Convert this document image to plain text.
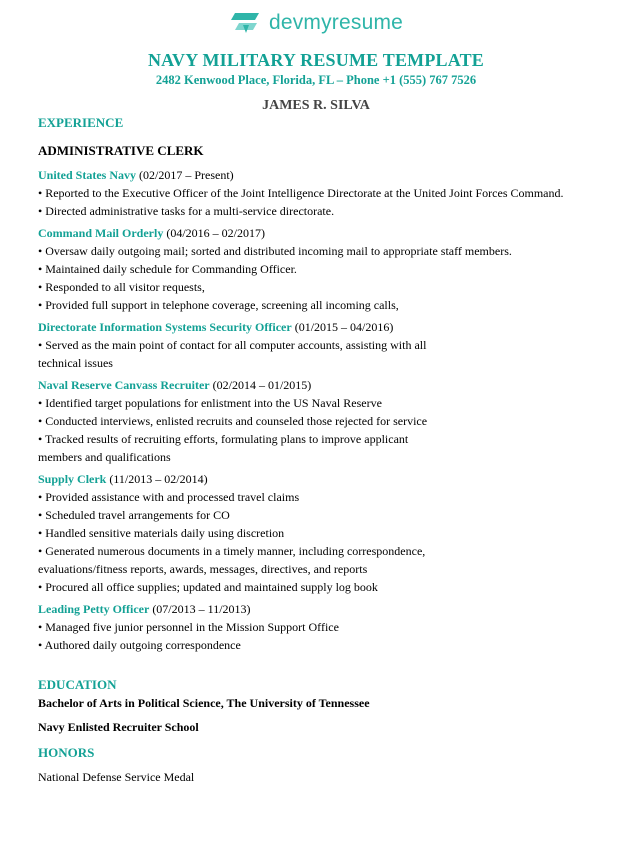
devmyresume
NAVY MILITARY RESUME TEMPLATE
2482 Kenwood Place, Florida, FL – Phone +1 (555) 767 7526
JAMES R. SILVA
EXPERIENCE
ADMINISTRATIVE CLERK
United States Navy (02/2017 – Present)
• Reported to the Executive Officer of the Joint Intelligence Directorate at the United Joint Forces Command.
• Directed administrative tasks for a multi-service directorate.
Command Mail Orderly (04/2016 – 02/2017)
• Oversaw daily outgoing mail; sorted and distributed incoming mail to appropriate staff members.
• Maintained daily schedule for Commanding Officer.
• Responded to all visitor requests,
• Provided full support in telephone coverage, screening all incoming calls,
Directorate Information Systems Security Officer (01/2015 – 04/2016)
• Served as the main point of contact for all computer accounts, assisting with all technical issues
Naval Reserve Canvass Recruiter (02/2014 – 01/2015)
• Identified target populations for enlistment into the US Naval Reserve
• Conducted interviews, enlisted recruits and counseled those rejected for service
• Tracked results of recruiting efforts, formulating plans to improve applicant members and qualifications
Supply Clerk (11/2013 – 02/2014)
• Provided assistance with and processed travel claims
• Scheduled travel arrangements for CO
• Handled sensitive materials daily using discretion
• Generated numerous documents in a timely manner, including correspondence, evaluations/fitness reports, awards, messages, directives, and reports
• Procured all office supplies; updated and maintained supply log book
Leading Petty Officer (07/2013 – 11/2013)
• Managed five junior personnel in the Mission Support Office
• Authored daily outgoing correspondence
EDUCATION
Bachelor of Arts in Political Science, The University of Tennessee
Navy Enlisted Recruiter School
HONORS
National Defense Service Medal
